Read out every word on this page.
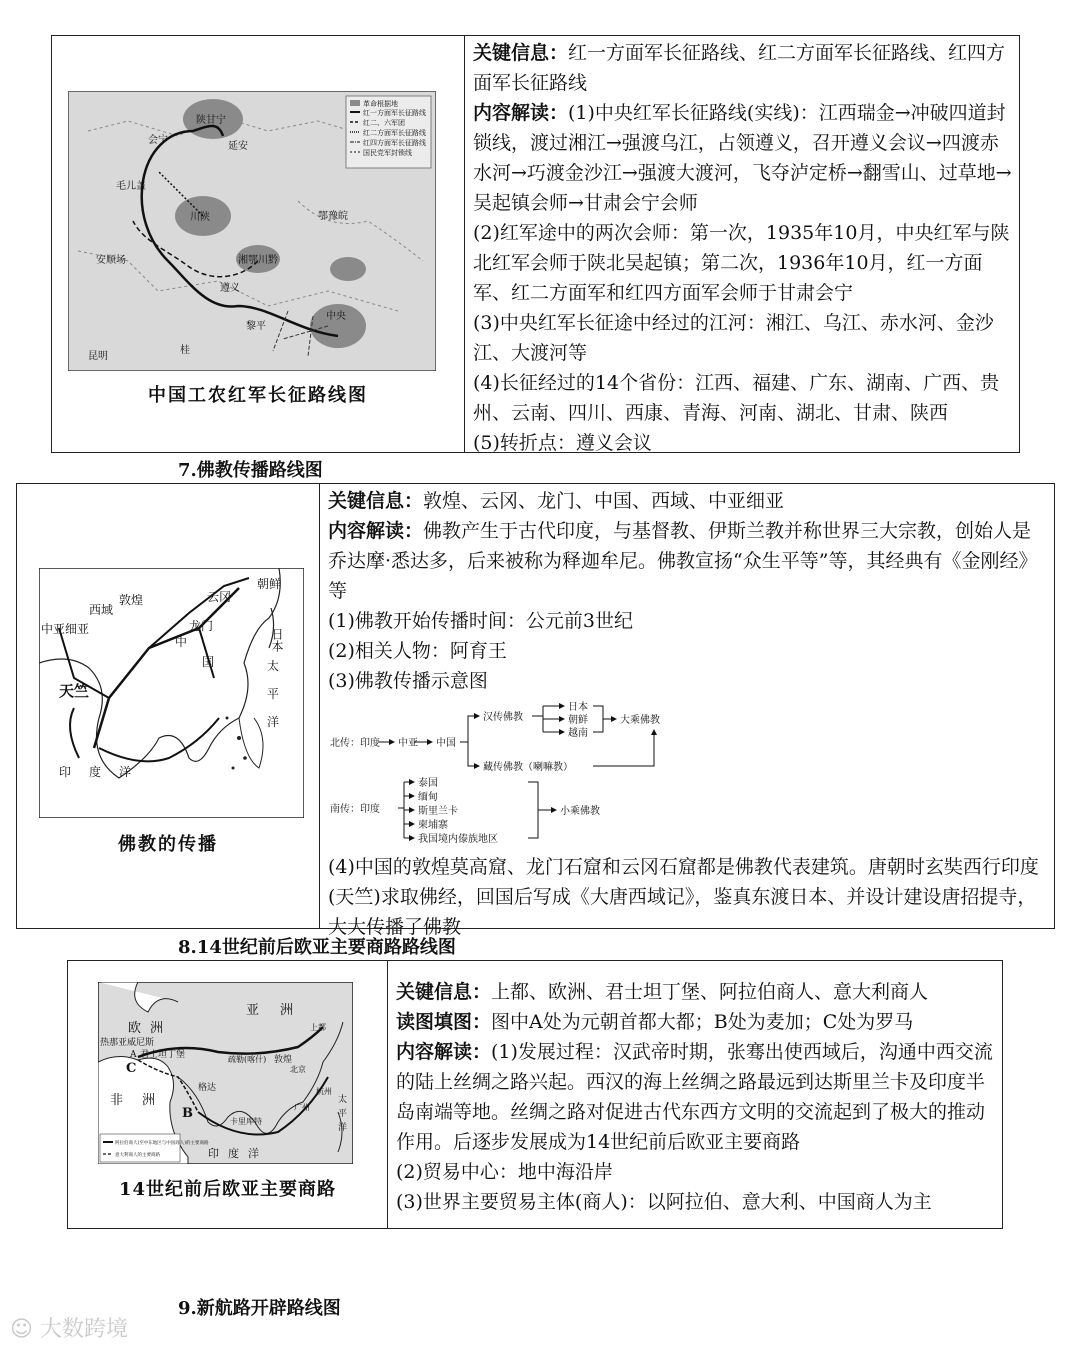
革命根据地
红一方面军长征路线
红二、六军团
红二方面军长征路线
红四方面军长征路线
国民党军封锁线
陕甘宁
川陕
湘鄂川黔
中央
鄂豫皖
遵义
安顺场
昆明
桂
黎平
延安
会宁
毛儿盖
中国工农红军长征路线图

关键信息：红一方面军长征路线、红二方面军长征路线、红四方面军长征路线

内容解读：(1)中央红军长征路线(实线)：江西瑞金→冲破四道封锁线，渡过湘江→强渡乌江，占领遵义，召开遵义会议→四渡赤水河→巧渡金沙江→强渡大渡河，飞夺泸定桥→翻雪山、过草地→吴起镇会师→甘肃会宁会师

(2)红军途中的两次会师：第一次，1935年10月，中央红军与陕北红军会师于陕北吴起镇；第二次，1936年10月，红一方面军、红二方面军和红四方面军会师于甘肃会宁

(3)中央红军长征途中经过的江河：湘江、乌江、赤水河、金沙江、大渡河等

(4)长征经过的14个省份：江西、福建、广东、湖南、广西、贵州、云南、四川、西康、青海、河南、湖北、甘肃、陕西

(5)转折点：遵义会议

7.佛教传播路线图
朝鲜
云冈
西域
敦煌
中亚细亚	龙门
中
国
日本
太
平
洋
天竺
印 度 洋
佛教的传播

关键信息：敦煌、云冈、龙门、中国、西域、中亚细亚

内容解读：佛教产生于古代印度，与基督教、伊斯兰教并称世界三大宗教，创始人是乔达摩·悉达多，后来被称为释迦牟尼。佛教宣扬“众生平等”等，其经典有《金刚经》等

(1)佛教开始传播时间：公元前3世纪

(2)相关人物：阿育王

(3)佛教传播示意图

北传：印度 中亚 中国
汉传佛教
日本
朝鲜
越南
大乘佛教
藏传佛教（喇嘛教）
南传：印度
泰国
缅甸
斯里兰卡
柬埔寨
我国境内傣族地区
小乘佛教

(4)中国的敦煌莫高窟、龙门石窟和云冈石窟都是佛教代表建筑。唐朝时玄奘西行印度(天竺)求取佛经，回国后写成《大唐西域记》，鉴真东渡日本、并设计建设唐招提寺，大大传播了佛教

8.14世纪前后欧亚主要商路路线图
阿拉伯商人(至中东地区与中国商人)的主要商路
意大利商人的主要商路
欧 洲
亚 洲
热那亚威尼斯
A 君士坦丁堡
C
格达
疏勒(喀什) 敦煌
北京
上都
杭州
广州
非 洲
B
卡里库特
印 度 洋
太
平
洋
14世纪前后欧亚主要商路

关键信息：上都、欧洲、君士坦丁堡、阿拉伯商人、意大利商人

读图填图：图中A处为元朝首都大都；B处为麦加；C处为罗马

内容解读：(1)发展过程：汉武帝时期，张骞出使西域后，沟通中西交流的陆上丝绸之路兴起。西汉的海上丝绸之路最远到达斯里兰卡及印度半岛南端等地。丝绸之路对促进古代东西方文明的交流起到了极大的推动作用。后逐步发展成为14世纪前后欧亚主要商路

(2)贸易中心：地中海沿岸

(3)世界主要贸易主体(商人)：以阿拉伯、意大利、中国商人为主

9.新航路开辟路线图
☺ 大数跨境
